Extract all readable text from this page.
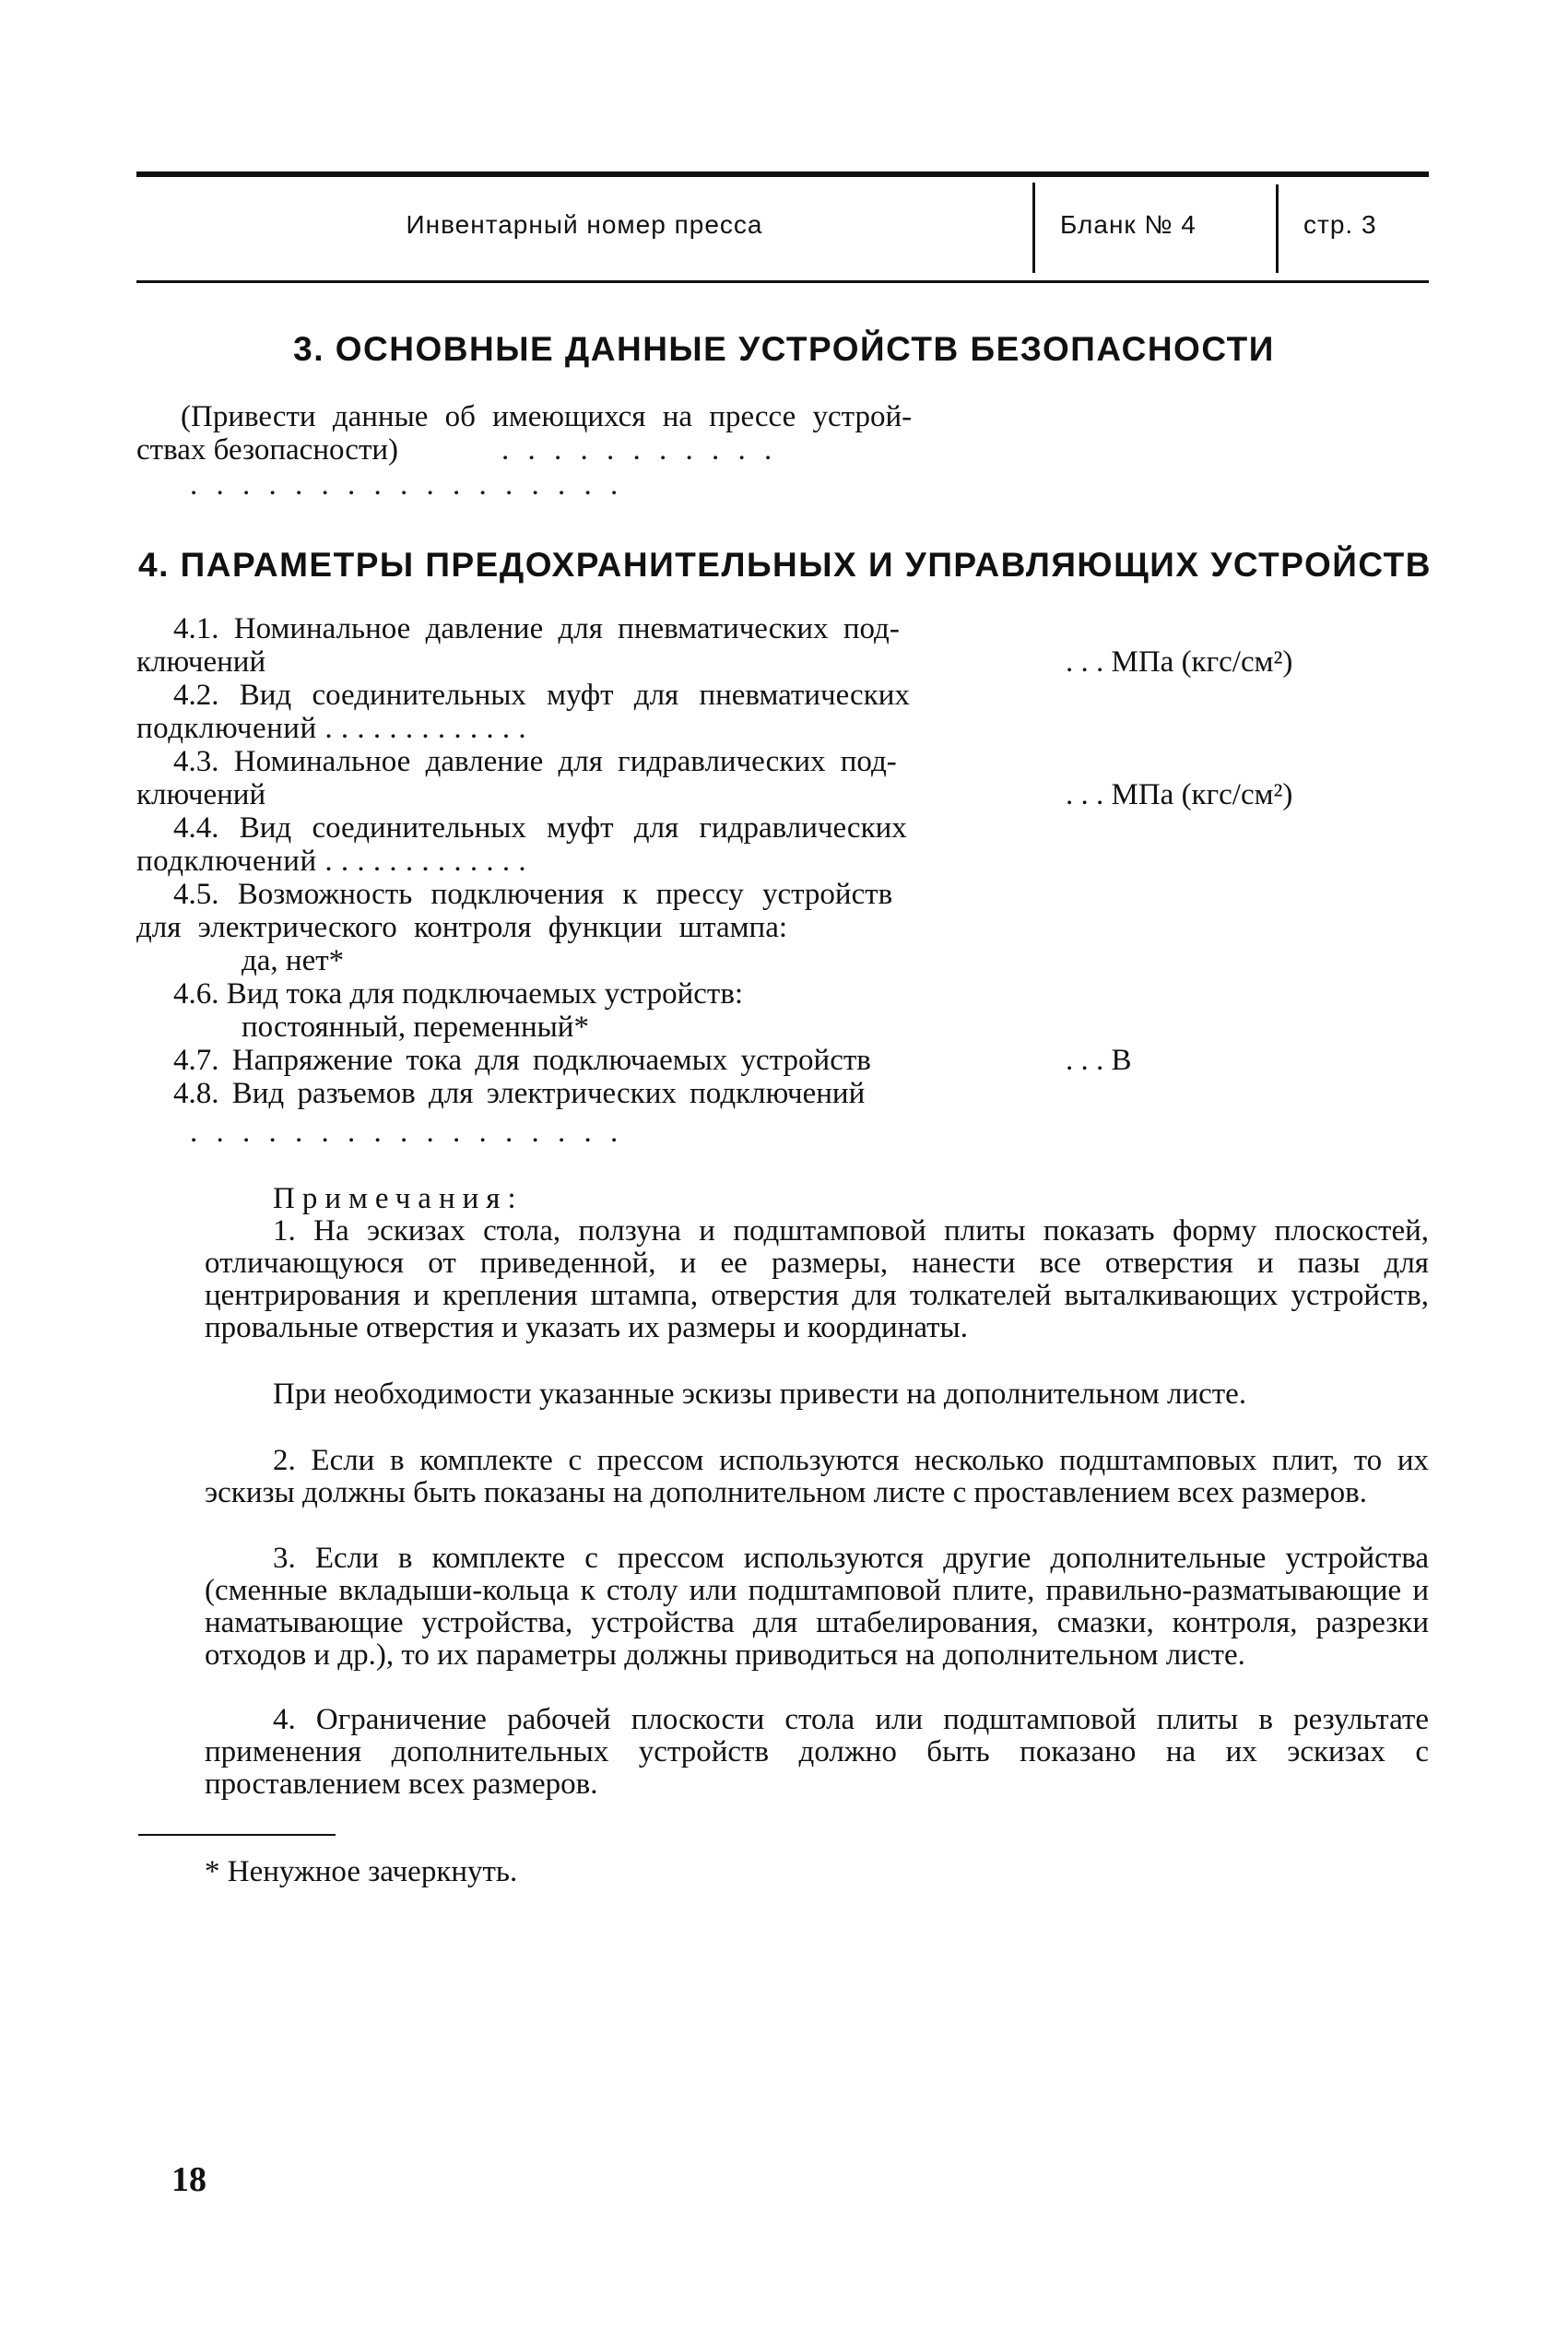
Инвентарный номер пресса	Бланк № 4	стр. 3
3. ОСНОВНЫЕ ДАННЫЕ УСТРОЙСТВ БЕЗОПАСНОСТИ
(Привести данные об имеющихся на прессе устрой-
ствах безопасности)	. . . . . . . . . . .
. . . . . . . . . . . . . . . . .
4. ПАРАМЕТРЫ ПРЕДОХРАНИТЕЛЬНЫХ И УПРАВЛЯЮЩИХ УСТРОЙСТВ
4.1. Номинальное давление для пневматических под-
ключений	. . . МПа (кгс/см²)
4.2. Вид соединительных муфт для пневматических
подключений . . . . . . . . . . . . .
4.3. Номинальное давление для гидравлических под-
ключений	. . . МПа (кгс/см²)
4.4. Вид соединительных муфт для гидравлических
подключений . . . . . . . . . . . . .
4.5. Возможность подключения к прессу устройств
для электрического контроля функции штампа:
да, нет*
4.6. Вид тока для подключаемых устройств:
постоянный, переменный*
4.7. Напряжение тока для подключаемых устройств	. . . В
4.8. Вид разъемов для электрических подключений
. . . . . . . . . . . . . . . . .
Примечания:

1. На эскизах стола, ползуна и подштамповой плиты показать форму плоскостей, отличающуюся от приведенной, и ее размеры, нанести все отверстия и пазы для центрирования и крепления штампа, отверстия для толкателей выталкивающих устройств, провальные отверстия и указать их размеры и координаты.

При необходимости указанные эскизы привести на дополнительном листе.

2. Если в комплекте с прессом используются несколько подштамповых плит, то их эскизы должны быть показаны на дополнительном листе с проставлением всех размеров.

3. Если в комплекте с прессом используются другие дополнительные устройства (сменные вкладыши-кольца к столу или подштамповой плите, правильно-разматывающие и наматывающие устройства, устройства для штабелирования, смазки, контроля, разрезки отходов и др.), то их параметры должны приводиться на дополнительном листе.

4. Ограничение рабочей плоскости стола или подштамповой плиты в результате применения дополнительных устройств должно быть показано на их эскизах с проставлением всех размеров.

* Ненужное зачеркнуть.
18
